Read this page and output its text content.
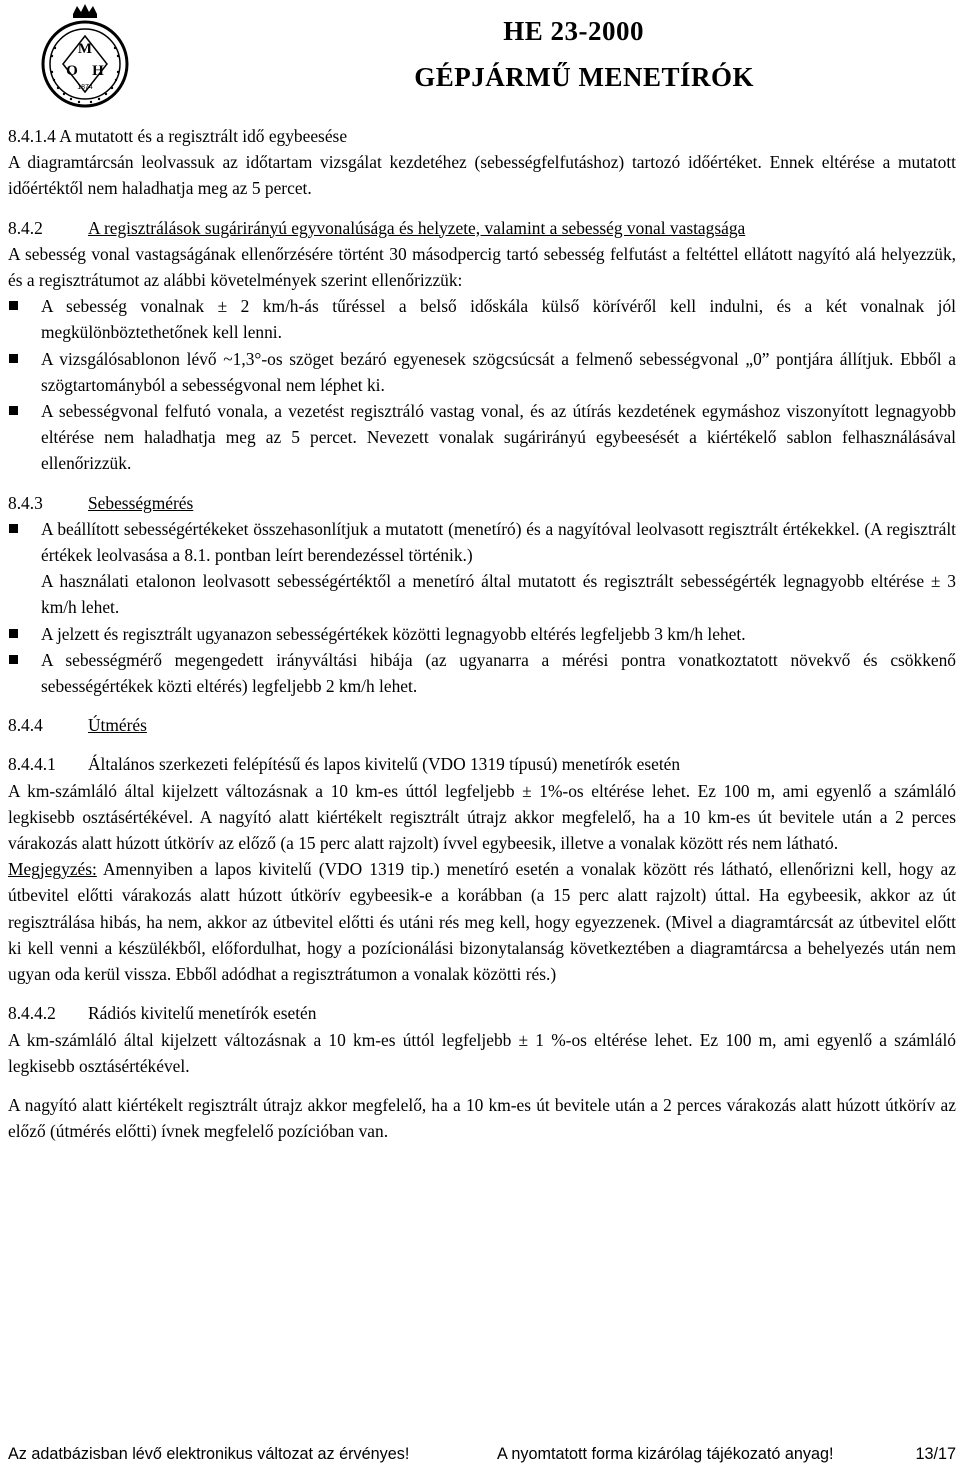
M
O H
1874
HE 23-2000
GÉPJÁRMŰ MENETÍRÓK

8.4.1.4 A mutatott és a regisztrált idő egybeesése

A diagramtárcsán leolvassuk az időtartam vizsgálat kezdetéhez (sebességfelfutáshoz) tartozó időértéket. Ennek eltérése a mutatott időértéktől nem haladhatja meg az 5 percet.

8.4.2	A regisztrálások sugárirányú egyvonalúsága és helyzete, valamint a sebesség vonal vastagsága

A sebesség vonal vastagságának ellenőrzésére történt 30 másodpercig tartó sebesség felfutást a feltéttel ellátott nagyító alá helyezzük, és a regisztrátumot az alábbi követelmények szerint ellenőrizzük:

A sebesség vonalnak ± 2 km/h-ás tűréssel a belső időskála külső körívéről kell indulni, és a két vonalnak jól megkülönböztethetőnek kell lenni.
A vizsgálósablonon lévő ~1,3°-os szöget bezáró egyenesek szögcsúcsát a felmenő sebességvonal „0” pontjára állítjuk. Ebből a szögtartományból a sebességvonal nem léphet ki.
A sebességvonal felfutó vonala, a vezetést regisztráló vastag vonal, és az útírás kezdetének egymáshoz viszonyított legnagyobb eltérése nem haladhatja meg az 5 percet. Nevezett vonalak sugárirányú egybeesését a kiértékelő sablon felhasználásával ellenőrizzük.

8.4.3	Sebességmérés

A beállított sebességértékeket összehasonlítjuk a mutatott (menetíró) és a nagyítóval leolvasott regisztrált értékekkel. (A regisztrált értékek leolvasása a 8.1. pontban leírt berendezéssel történik.)
A használati etalonon leolvasott sebességértéktől a menetíró által mutatott és regisztrált sebességérték legnagyobb eltérése ± 3 km/h lehet.
A jelzett és regisztrált ugyanazon sebességértékek közötti legnagyobb eltérés legfeljebb 3 km/h lehet.
A sebességmérő megengedett irányváltási hibája (az ugyanarra a mérési pontra vonatkoztatott növekvő és csökkenő sebességértékek közti eltérés) legfeljebb 2 km/h lehet.

8.4.4	Útmérés

8.4.4.1 Általános szerkezeti felépítésű és lapos kivitelű (VDO 1319 típusú) menetírók esetén

A km-számláló által kijelzett változásnak a 10 km-es úttól legfeljebb ± 1%-os eltérése lehet. Ez 100 m, ami egyenlő a számláló legkisebb osztásértékével. A nagyító alatt kiértékelt regisztrált útrajz akkor megfelelő, ha a 10 km-es út bevitele után a 2 perces várakozás alatt húzott útkörív az előző (a 15 perc alatt rajzolt) ívvel egybeesik, illetve a vonalak között rés nem látható.

Megjegyzés: Amennyiben a lapos kivitelű (VDO 1319 tip.) menetíró esetén a vonalak között rés látható, ellenőrizni kell, hogy az útbevitel előtti várakozás alatt húzott útkörív egybeesik-e a korábban (a 15 perc alatt rajzolt) úttal. Ha egybeesik, akkor az út regisztrálása hibás, ha nem, akkor az útbevitel előtti és utáni rés meg kell, hogy egyezzenek. (Mivel a diagramtárcsát az útbevitel előtt ki kell venni a készülékből, előfordulhat, hogy a pozícionálási bizonytalanság következtében a diagramtárcsa a behelyezés után nem ugyan oda kerül vissza. Ebből adódhat a regisztrátumon a vonalak közötti rés.)

8.4.4.2 Rádiós kivitelű menetírók esetén

A km-számláló által kijelzett változásnak a 10 km-es úttól legfeljebb ± 1 %-os eltérése lehet. Ez 100 m, ami egyenlő a számláló legkisebb osztásértékével.

A nagyító alatt kiértékelt regisztrált útrajz akkor megfelelő, ha a 10 km-es út bevitele után a 2 perces várakozás alatt húzott útkörív az előző (útmérés előtti) ívnek megfelelő pozícióban van.

Az adatbázisban lévő elektronikus változat az érvényes!	A nyomtatott forma kizárólag tájékozató anyag!	13/17
